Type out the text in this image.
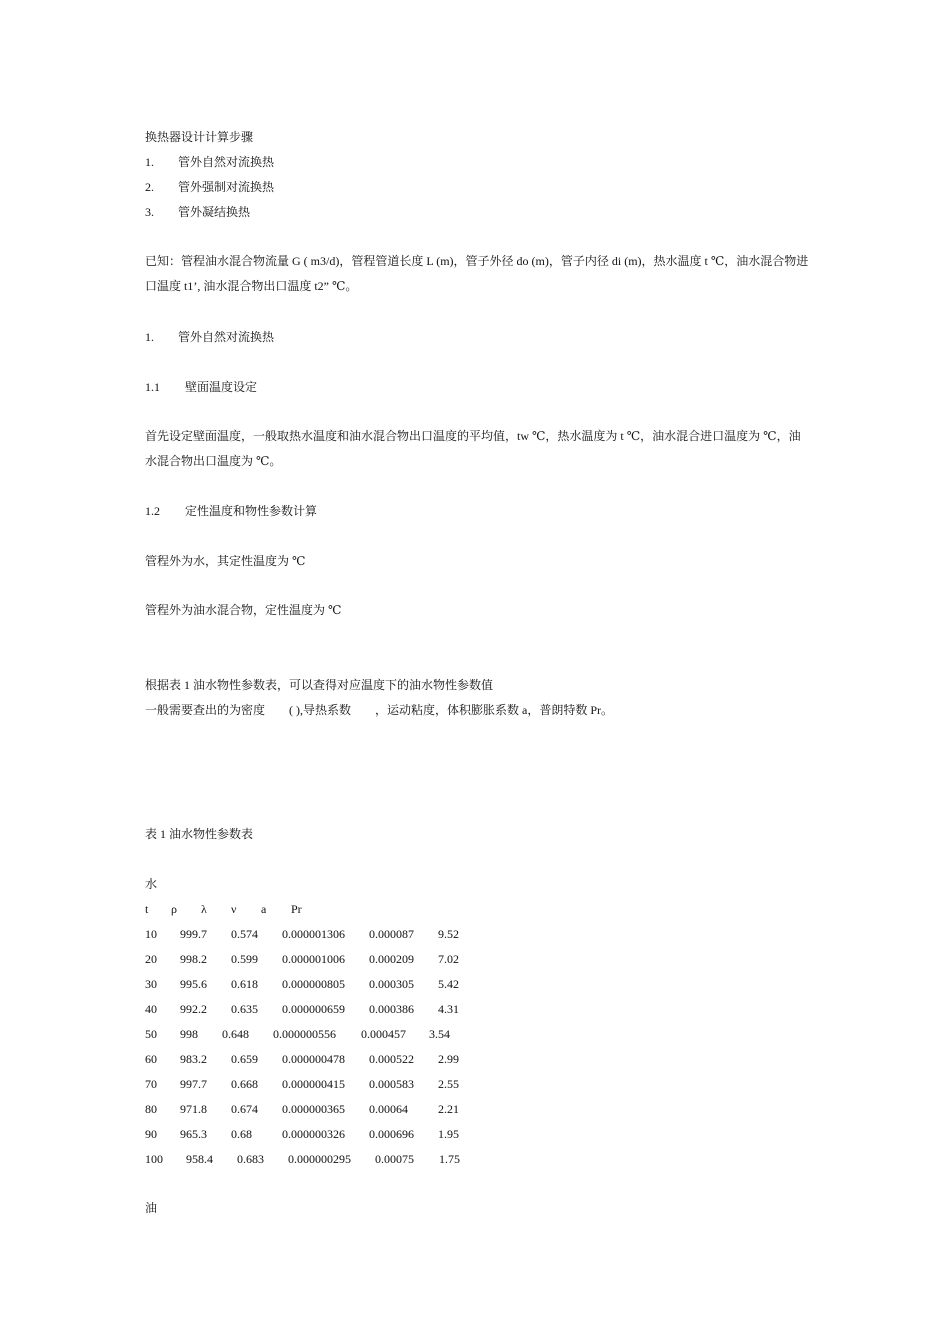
换热器设计计算步骤
1. 管外自然对流换热
2. 管外强制对流换热
3. 管外凝结换热
已知：管程油水混合物流量 G ( m3/d)，管程管道长度 L (m)，管子外径 do (m)，管子内径 di (m)，热水温度 t ℃，油水混合物进口温度 t1’, 油水混合物出口温度 t2” ℃。
1. 管外自然对流换热
1.1 壁面温度设定
首先设定壁面温度，一般取热水温度和油水混合物出口温度的平均值，tw ℃，热水温度为 t ℃，油水混合进口温度为 ℃，油水混合物出口温度为 ℃。
1.2 定性温度和物性参数计算
管程外为水，其定性温度为 ℃
管程外为油水混合物，定性温度为 ℃
根据表 1 油水物性参数表，可以查得对应温度下的油水物性参数值
一般需要查出的为密度　　( ),导热系数　　，运动粘度，体积膨胀系数 a，普朗特数 Pr。
表 1 油水物性参数表
水
t ρ λ ν a Pr
10 999.7 0.574 0.000001306 0.000087 9.52
20 998.2 0.599 0.000001006 0.000209 7.02
30 995.6 0.618 0.000000805 0.000305 5.42
40 992.2 0.635 0.000000659 0.000386 4.31
50 998 0.648 0.000000556 0.000457 3.54
60 983.2 0.659 0.000000478 0.000522 2.99
70 997.7 0.668 0.000000415 0.000583 2.55
80 971.8 0.674 0.000000365 0.00064	2.21
90 965.3 0.68	0.000000326 0.000696 1.95
100 958.4 0.683 0.000000295 0.00075 1.75
油
